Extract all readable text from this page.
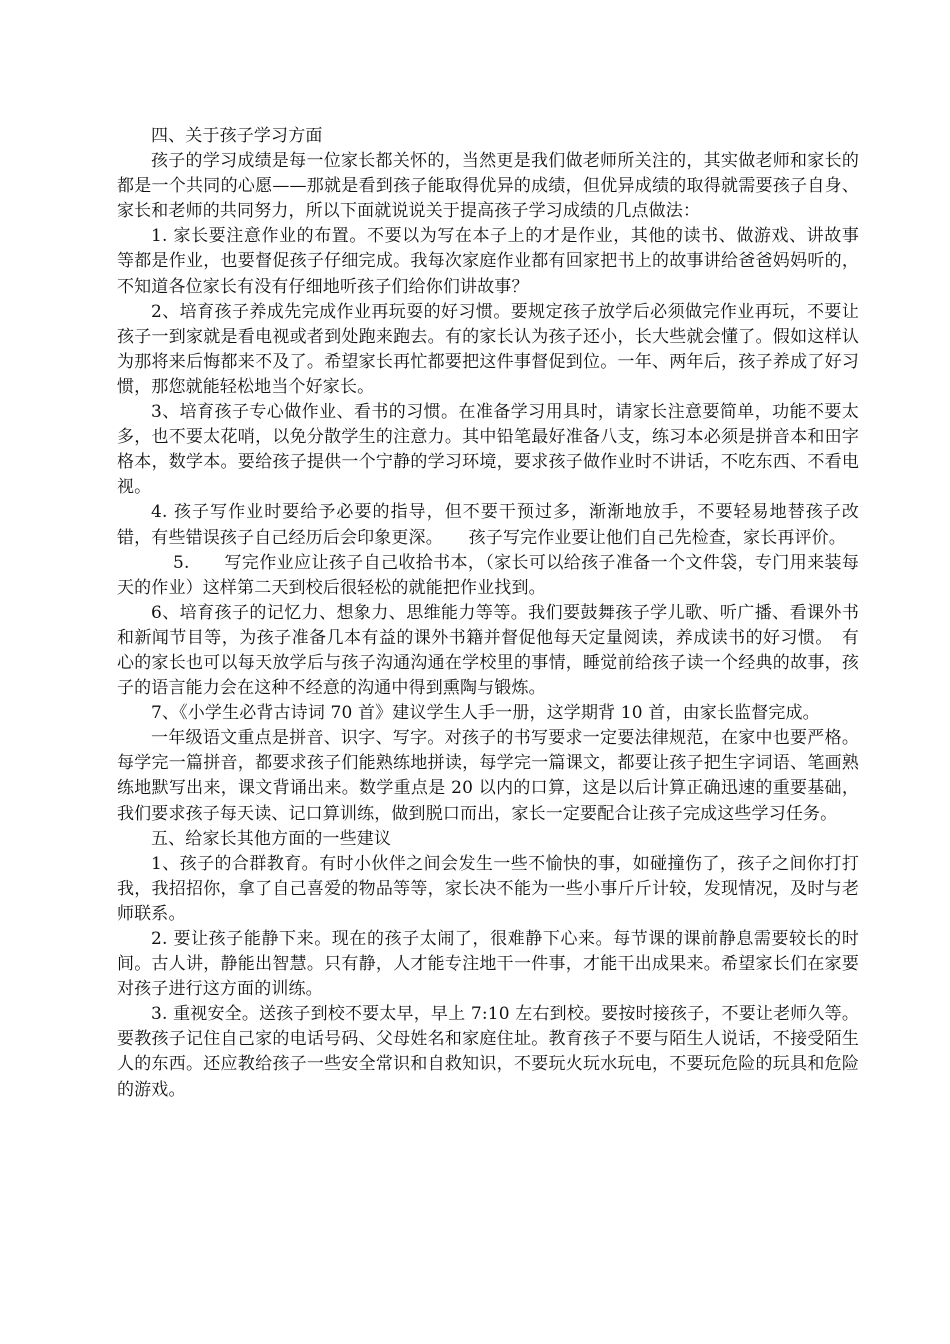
四、关于孩子学习方面

孩子的学习成绩是每一位家长都关怀的，当然更是我们做老师所关注的，其实做老师和家长的都是一个共同的心愿——那就是看到孩子能取得优异的成绩，但优异成绩的取得就需要孩子自身、家长和老师的共同努力，所以下面就说说关于提高孩子学习成绩的几点做法：

1. 家长要注意作业的布置。不要以为写在本子上的才是作业，其他的读书、做游戏、讲故事等都是作业，也要督促孩子仔细完成。我每次家庭作业都有回家把书上的故事讲给爸爸妈妈听的，不知道各位家长有没有仔细地听孩子们给你们讲故事？

2、培育孩子养成先完成作业再玩耍的好习惯。要规定孩子放学后必须做完作业再玩，不要让孩子一到家就是看电视或者到处跑来跑去。有的家长认为孩子还小，长大些就会懂了。假如这样认为那将来后悔都来不及了。希望家长再忙都要把这件事督促到位。一年、两年后，孩子养成了好习惯，那您就能轻松地当个好家长。

3、培育孩子专心做作业、看书的习惯。在准备学习用具时，请家长注意要简单，功能不要太多，也不要太花哨，以免分散学生的注意力。其中铅笔最好准备八支，练习本必须是拼音本和田字格本，数学本。要给孩子提供一个宁静的学习环境，要求孩子做作业时不讲话，不吃东西、不看电视。

4. 孩子写作业时要给予必要的指导，但不要干预过多，渐渐地放手，不要轻易地替孩子改错，有些错误孩子自己经历后会印象更深。　　孩子写完作业要让他们自己先检查，家长再评价。

5.　　写完作业应让孩子自己收拾书本，（家长可以给孩子准备一个文件袋，专门用来装每天的作业）这样第二天到校后很轻松的就能把作业找到。

6、培育孩子的记忆力、想象力、思维能力等等。我们要鼓舞孩子学儿歌、听广播、看课外书和新闻节目等，为孩子准备几本有益的课外书籍并督促他每天定量阅读，养成读书的好习惯。　有心的家长也可以每天放学后与孩子沟通沟通在学校里的事情，睡觉前给孩子读一个经典的故事，孩子的语言能力会在这种不经意的沟通中得到熏陶与锻炼。

7、《小学生必背古诗词 70 首》建议学生人手一册，这学期背 10 首，由家长监督完成。

一年级语文重点是拼音、识字、写字。对孩子的书写要求一定要法律规范，在家中也要严格。每学完一篇拼音，都要求孩子们能熟练地拼读，每学完一篇课文，都要让孩子把生字词语、笔画熟练地默写出来，课文背诵出来。数学重点是 20 以内的口算，这是以后计算正确迅速的重要基础，我们要求孩子每天读、记口算训练，做到脱口而出，家长一定要配合让孩子完成这些学习任务。

五、给家长其他方面的一些建议

1、孩子的合群教育。有时小伙伴之间会发生一些不愉快的事，如碰撞伤了，孩子之间你打打我，我招招你，拿了自己喜爱的物品等等，家长决不能为一些小事斤斤计较，发现情况，及时与老师联系。

2. 要让孩子能静下来。现在的孩子太闹了，很难静下心来。每节课的课前静息需要较长的时间。古人讲，静能出智慧。只有静，人才能专注地干一件事，才能干出成果来。希望家长们在家要对孩子进行这方面的训练。

3. 重视安全。送孩子到校不要太早，早上 7:10 左右到校。要按时接孩子，不要让老师久等。要教孩子记住自己家的电话号码、父母姓名和家庭住址。教育孩子不要与陌生人说话，不接受陌生人的东西。还应教给孩子一些安全常识和自救知识，不要玩火玩水玩电，不要玩危险的玩具和危险的游戏。
